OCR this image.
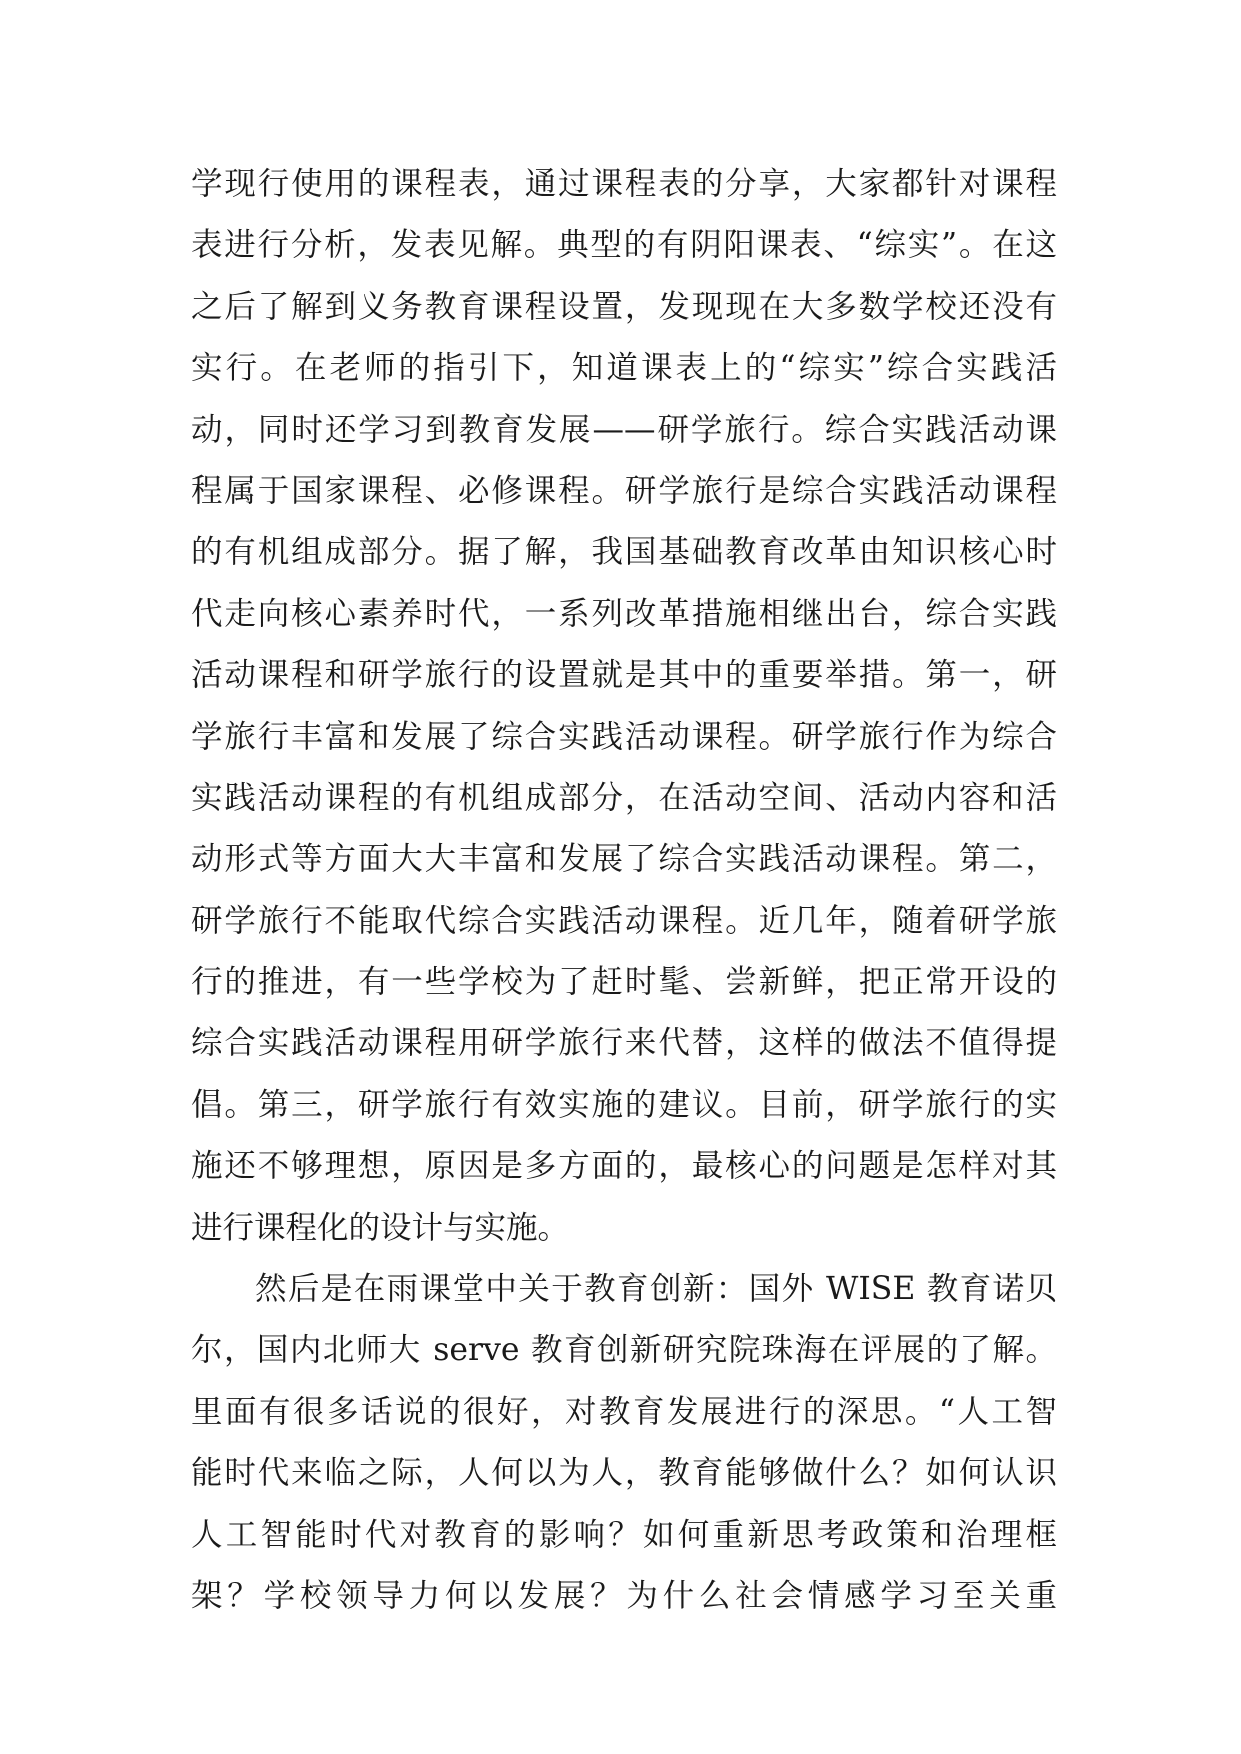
学现行使用的课程表，通过课程表的分享，大家都针对课程
表进行分析，发表见解。典型的有阴阳课表、“综实”。在这
之后了解到义务教育课程设置，发现现在大多数学校还没有
实行。在老师的指引下，知道课表上的“综实”综合实践活
动，同时还学习到教育发展——研学旅行。综合实践活动课
程属于国家课程、必修课程。研学旅行是综合实践活动课程
的有机组成部分。据了解，我国基础教育改革由知识核心时
代走向核心素养时代，一系列改革措施相继出台，综合实践
活动课程和研学旅行的设置就是其中的重要举措。第一，研
学旅行丰富和发展了综合实践活动课程。研学旅行作为综合
实践活动课程的有机组成部分，在活动空间、活动内容和活
动形式等方面大大丰富和发展了综合实践活动课程。第二，
研学旅行不能取代综合实践活动课程。近几年，随着研学旅
行的推进，有一些学校为了赶时髦、尝新鲜，把正常开设的
综合实践活动课程用研学旅行来代替，这样的做法不值得提
倡。第三，研学旅行有效实施的建议。目前，研学旅行的实
施还不够理想，原因是多方面的，最核心的问题是怎样对其
进行课程化的设计与实施。
然后是在雨课堂中关于教育创新：国外 WISE 教育诺贝
尔，国内北师大 serve 教育创新研究院珠海在评展的了解。
里面有很多话说的很好，对教育发展进行的深思。“人工智
能时代来临之际，人何以为人，教育能够做什么？如何认识
人工智能时代对教育的影响？如何重新思考政策和治理框
架？学校领导力何以发展？为什么社会情感学习至关重
